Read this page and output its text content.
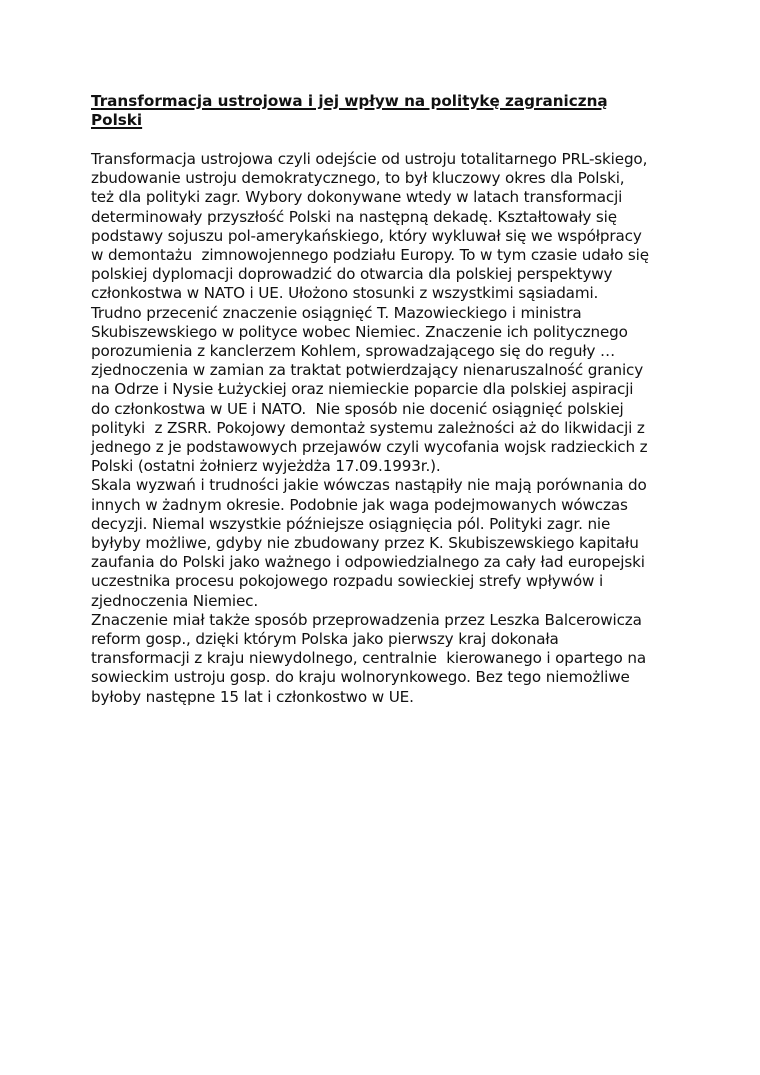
Transformacja ustrojowa i jej wpływ na politykę zagraniczną
Polski
Transformacja ustrojowa czyli odejście od ustroju totalitarnego PRL-skiego,
zbudowanie ustroju demokratycznego, to był kluczowy okres dla Polski,
też dla polityki zagr. Wybory dokonywane wtedy w latach transformacji
determinowały przyszłość Polski na następną dekadę. Kształtowały się
podstawy sojuszu pol-amerykańskiego, który wykluwał się we współpracy
w demontażu  zimnowojennego podziału Europy. To w tym czasie udało się
polskiej dyplomacji doprowadzić do otwarcia dla polskiej perspektywy
członkostwa w NATO i UE. Ułożono stosunki z wszystkimi sąsiadami.
Trudno przecenić znaczenie osiągnięć T. Mazowieckiego i ministra
Skubiszewskiego w polityce wobec Niemiec. Znaczenie ich politycznego
porozumienia z kanclerzem Kohlem, sprowadzającego się do reguły …
zjednoczenia w zamian za traktat potwierdzający nienaruszalność granicy
na Odrze i Nysie Łużyckiej oraz niemieckie poparcie dla polskiej aspiracji
do członkostwa w UE i NATO.  Nie sposób nie docenić osiągnięć polskiej
polityki  z ZSRR. Pokojowy demontaż systemu zależności aż do likwidacji z
jednego z je podstawowych przejawów czyli wycofania wojsk radzieckich z
Polski (ostatni żołnierz wyjeżdża 17.09.1993r.).
Skala wyzwań i trudności jakie wówczas nastąpiły nie mają porównania do
innych w żadnym okresie. Podobnie jak waga podejmowanych wówczas
decyzji. Niemal wszystkie późniejsze osiągnięcia pól. Polityki zagr. nie
byłyby możliwe, gdyby nie zbudowany przez K. Skubiszewskiego kapitału
zaufania do Polski jako ważnego i odpowiedzialnego za cały ład europejski
uczestnika procesu pokojowego rozpadu sowieckiej strefy wpływów i
zjednoczenia Niemiec.
Znaczenie miał także sposób przeprowadzenia przez Leszka Balcerowicza
reform gosp., dzięki którym Polska jako pierwszy kraj dokonała
transformacji z kraju niewydolnego, centralnie  kierowanego i opartego na
sowieckim ustroju gosp. do kraju wolnorynkowego. Bez tego niemożliwe
byłoby następne 15 lat i członkostwo w UE.
